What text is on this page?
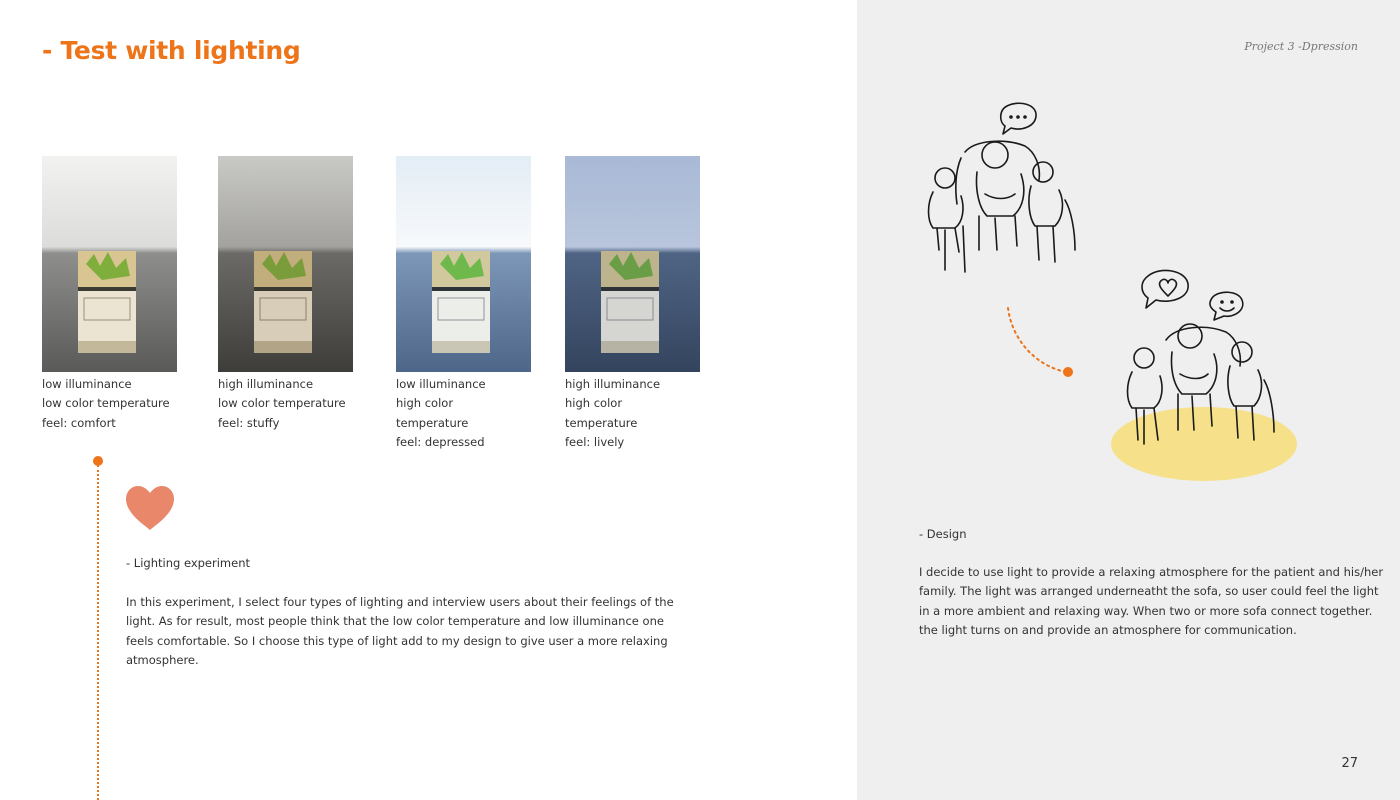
- Test with lighting
low illuminance
low color temperature
feel: comfort
high illuminance
low color temperature
feel: stuffy
low illuminance
high color
temperature
feel: depressed
high illuminance
high color
temperature
feel: lively
- Lighting experiment
In this experiment, I select four types of lighting and interview users about their feelings of the
light. As for result, most people think that the low color temperature and low illuminance one
feels comfortable. So I choose this type of light add to my design to give user a more relaxing
atmosphere.
Project 3 -Dpression
- Design
I decide to use light to provide a relaxing atmosphere for the patient and his/her
family. The light was arranged underneatht the sofa, so user could feel the light
in a more ambient and relaxing way. When two or more sofa connect together.
the light turns on and provide an atmosphere for communication.
27
